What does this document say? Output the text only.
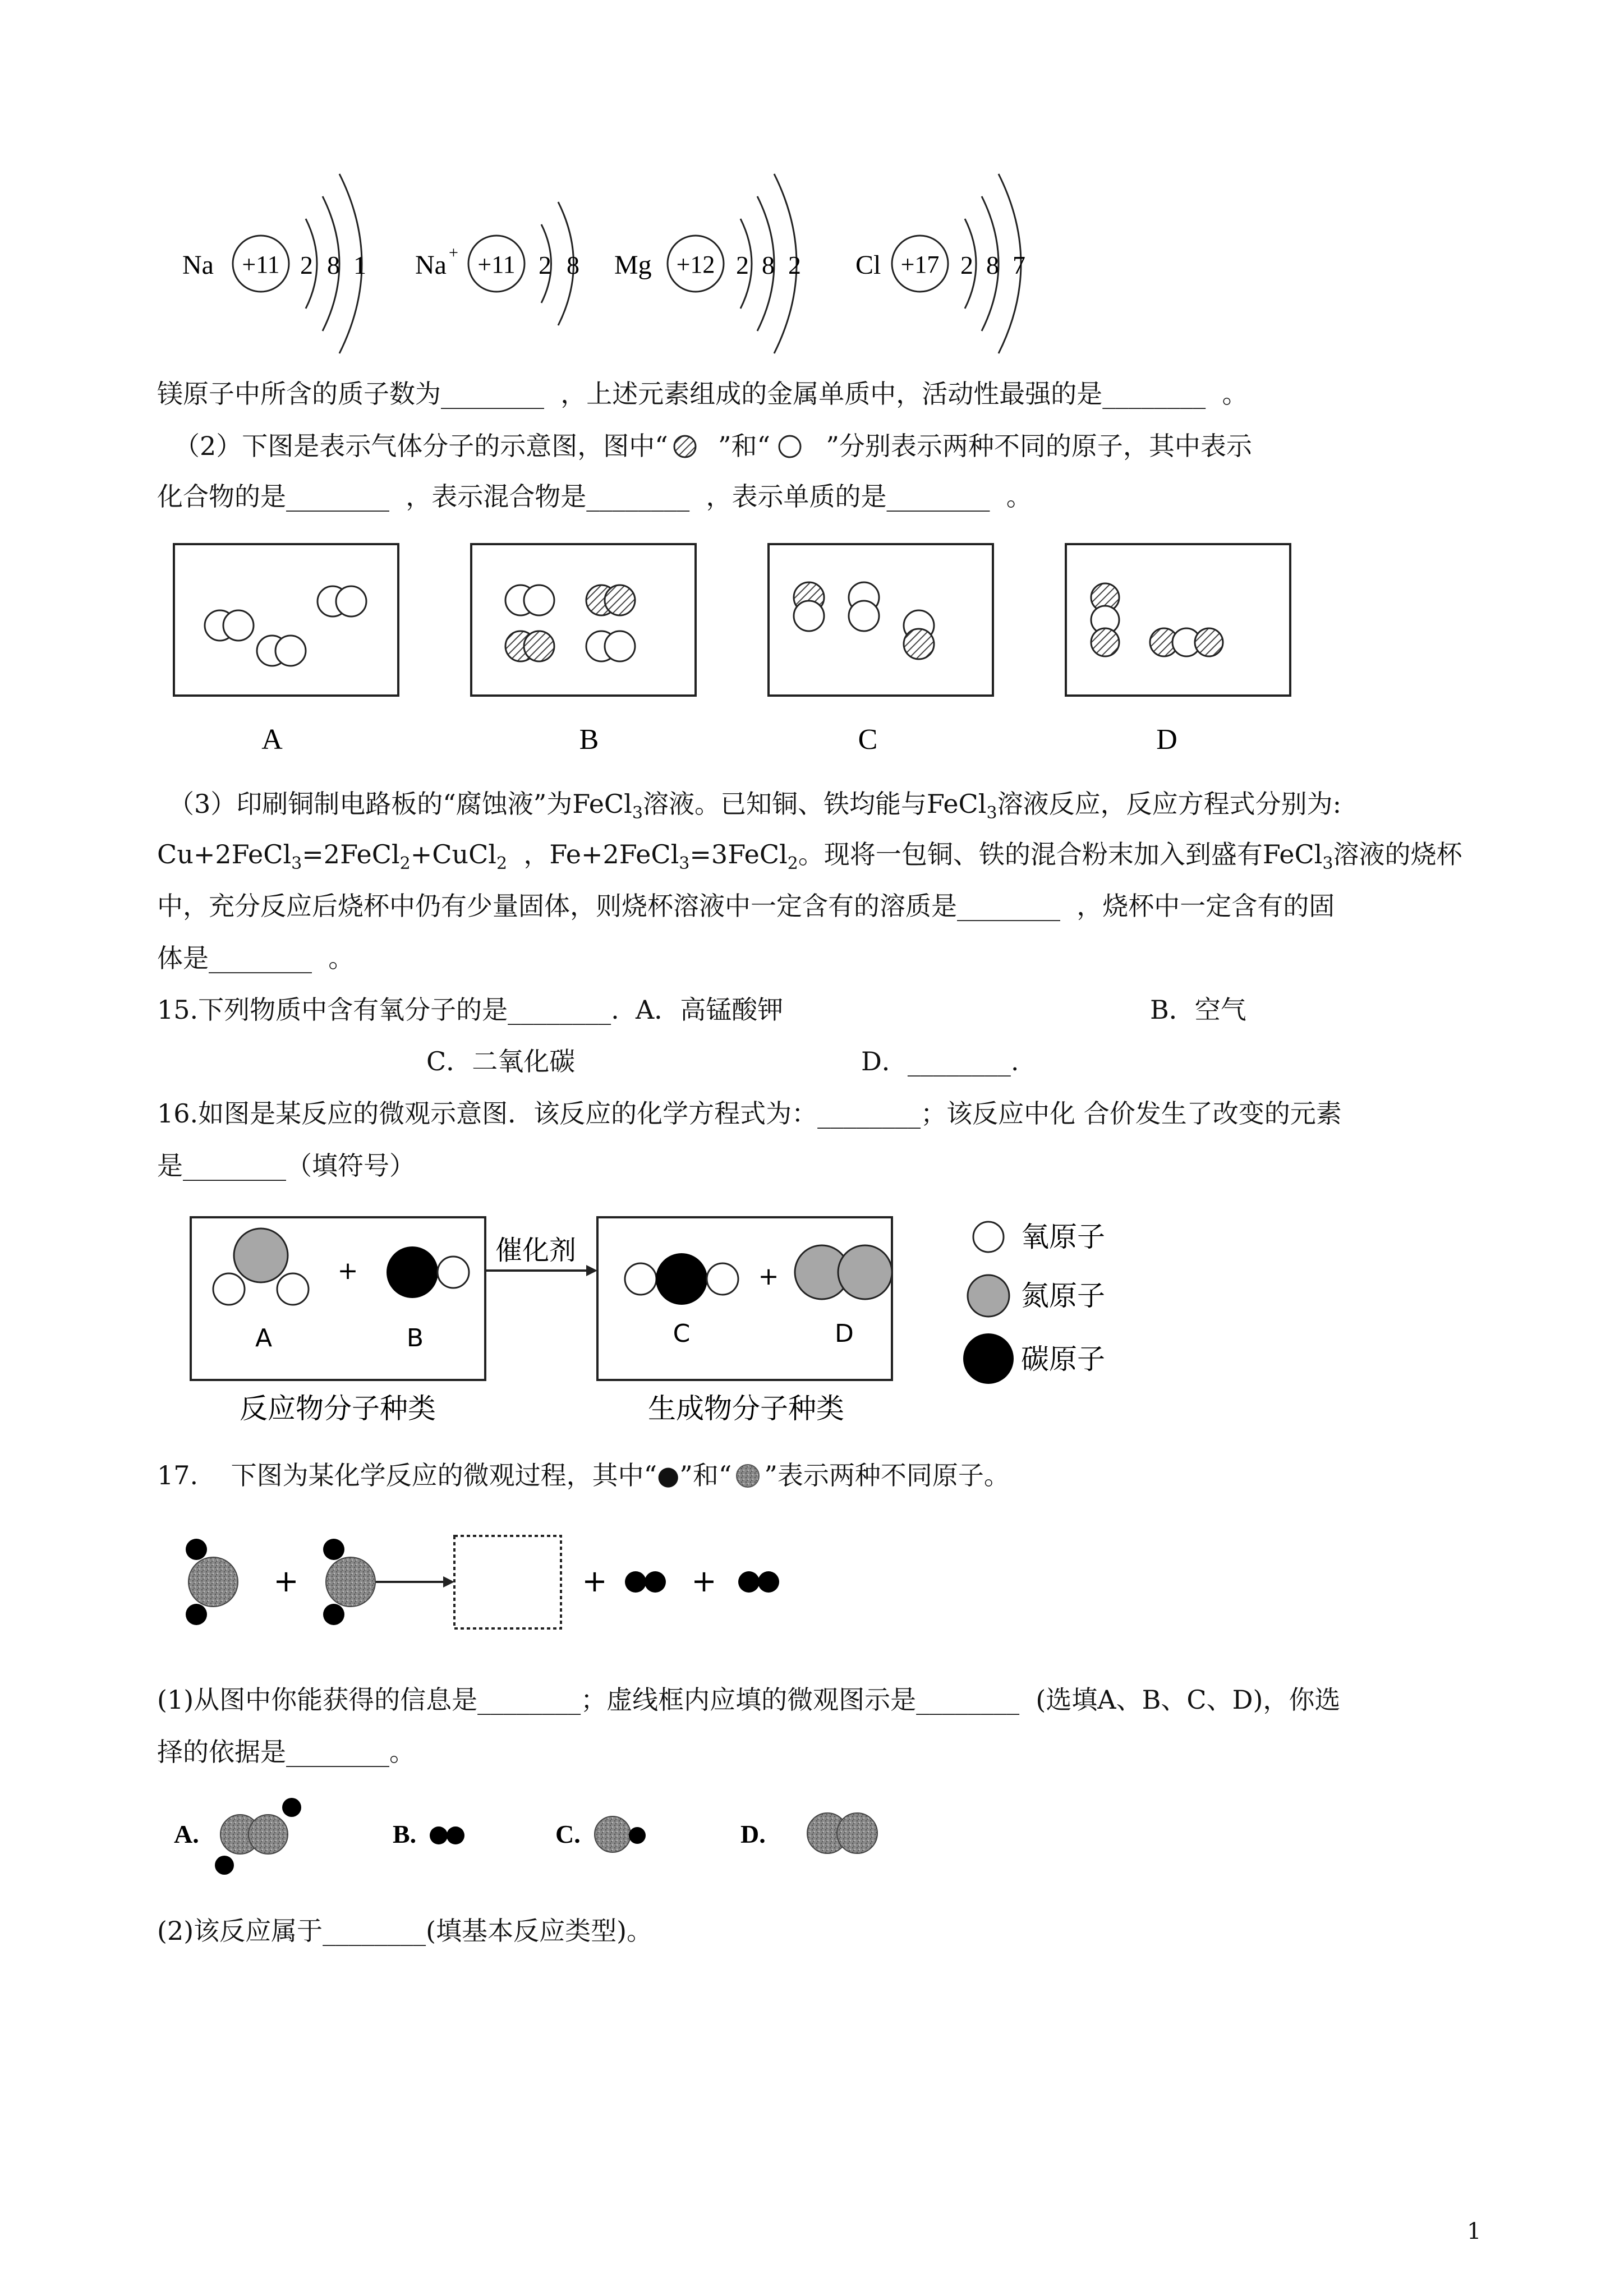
Na +11 2 8 1 Na + +11 2 8 Mg +12 2 8 2 Cl +17 2 8 7
镁原子中所含的质子数为________  ，上述元素组成的金属单质中，活动性最强的是________  。
（2）下图是表示气体分子的示意图，图中“  ”和“  ”分别表示两种不同的原子，其中表示
化合物的是________  ，表示混合物是________  ，表示单质的是________  。
A	B	C	D
（3）印刷铜制电路板的“腐蚀液”为FeCl$_3$溶液。已知铜、铁均能与FeCl$_3$溶液反应，反应方程式分别为:
Cu+2FeCl$_3$=2FeCl$_2$+CuCl$_2$  ，Fe+2FeCl$_3$=3FeCl$_2$。现将一包铜、铁的混合粉末加入到盛有FeCl$_3$溶液的烧杯
中，充分反应后烧杯中仍有少量固体，则烧杯溶液中一定含有的溶质是________  ，烧杯中一定含有的固
体是________  。
15.下列物质中含有氧分子的是________.  A．高锰酸钾	B．空气
C．二氧化碳	D．________.
16.如图是某反应的微观示意图．该反应的化学方程式为：________；该反应中化 合价发生了改变的元素
是________（填符号）
+
A	B
催化剂
+
C	D
反应物分子种类	生成物分子种类
氧原子
氮原子
碳原子
17.    下图为某化学反应的微观过程，其中“●”和“ ”表示两种不同原子。
+	+	+
(1)从图中你能获得的信息是________；虚线框内应填的微观图示是________  (选填A、B、C、D)，你选
择的依据是________。
A.	B.	C.	D.
(2)该反应属于________(填基本反应类型)。
1
